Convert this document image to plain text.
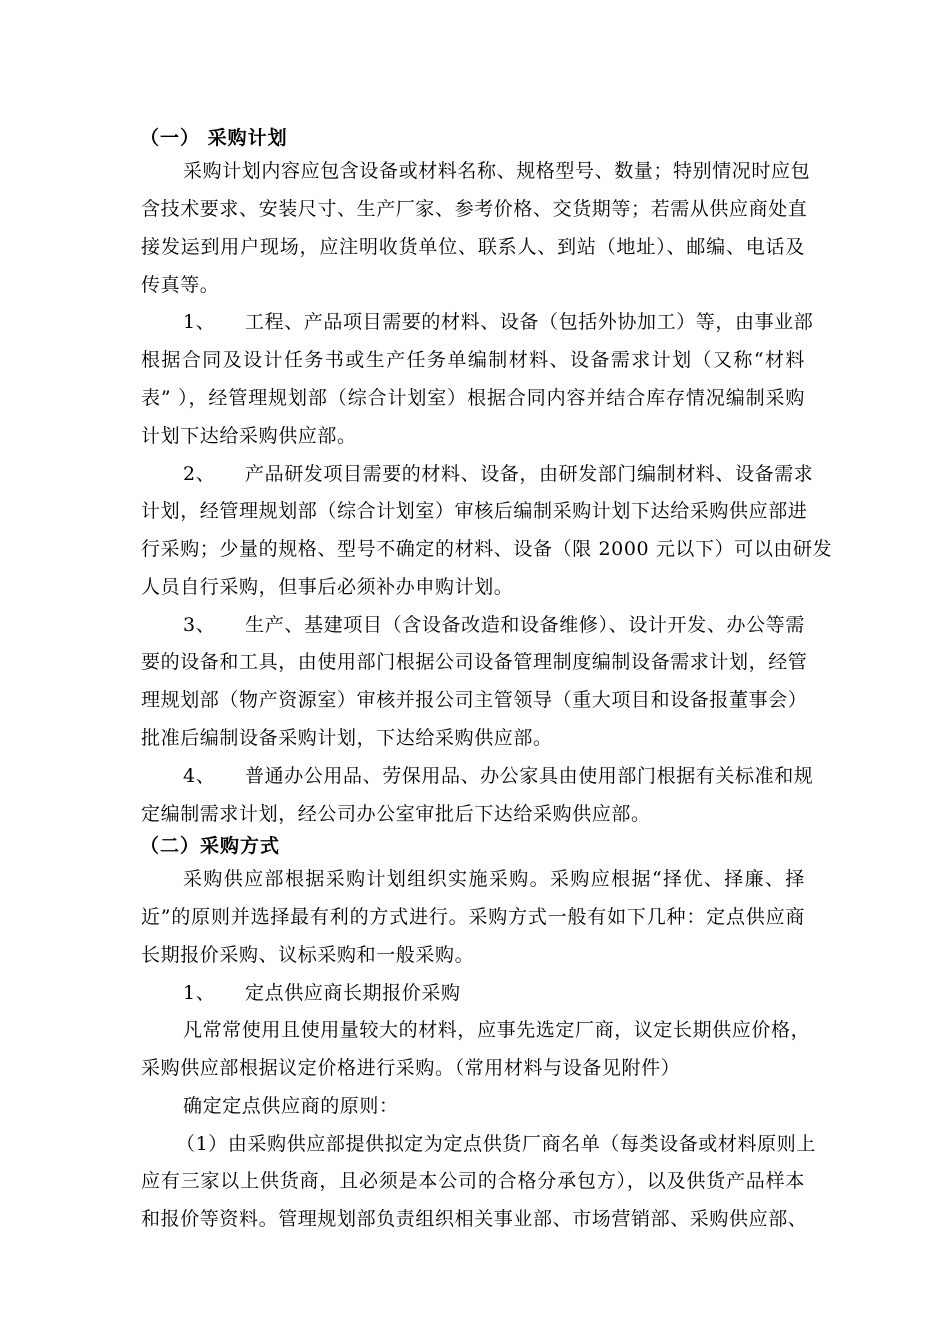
（一） 采购计划
采购计划内容应包含设备或材料名称、规格型号、数量；特别情况时应包
含技术要求、安装尺寸、生产厂家、参考价格、交货期等；若需从供应商处直
接发运到用户现场，应注明收货单位、联系人、到站（地址）、邮编、电话及
传真等。
1、　　工程、产品项目需要的材料、设备（包括外协加工）等，由事业部
根据合同及设计任务书或生产任务单编制材料、设备需求计划（又称“材料
表” ），经管理规划部（综合计划室）根据合同内容并结合库存情况编制采购
计划下达给采购供应部。
2、　　产品研发项目需要的材料、设备，由研发部门编制材料、设备需求
计划，经管理规划部（综合计划室）审核后编制采购计划下达给采购供应部进
行采购；少量的规格、型号不确定的材料、设备（限 2000 元以下）可以由研发
人员自行采购，但事后必须补办申购计划。
3、　　生产、基建项目（含设备改造和设备维修）、设计开发、办公等需
要的设备和工具，由使用部门根据公司设备管理制度编制设备需求计划，经管
理规划部（物产资源室）审核并报公司主管领导（重大项目和设备报董事会）
批准后编制设备采购计划，下达给采购供应部。
4、　　普通办公用品、劳保用品、办公家具由使用部门根据有关标准和规
定编制需求计划，经公司办公室审批后下达给采购供应部。
（二）采购方式
采购供应部根据采购计划组织实施采购。采购应根据“择优、择廉、择
近”的原则并选择最有利的方式进行。采购方式一般有如下几种：定点供应商
长期报价采购、议标采购和一般采购。
1、　　定点供应商长期报价采购
凡常常使用且使用量较大的材料，应事先选定厂商，议定长期供应价格，
采购供应部根据议定价格进行采购。（常用材料与设备见附件）
确定定点供应商的原则：
（1）由采购供应部提供拟定为定点供货厂商名单（每类设备或材料原则上
应有三家以上供货商，且必须是本公司的合格分承包方），以及供货产品样本
和报价等资料。管理规划部负责组织相关事业部、市场营销部、采购供应部、
